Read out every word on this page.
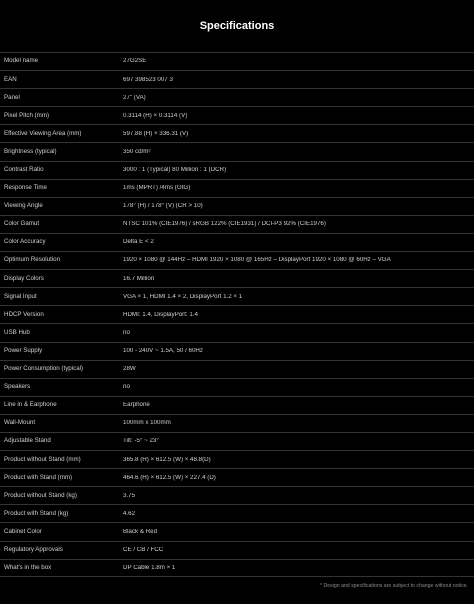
Specifications
Model name	27G2SE
EAN	697 398523 007 3
Panel	27" (VA)
Pixel Pitch (mm)	0.3114 (H) × 0.3114 (V)
Effective Viewing Area (mm)	597.88 (H) × 336.31 (V)
Brightness (typical)	350 cd/m²
Contrast Ratio	3000 : 1 (Typical) 80 Million : 1 (DCR)
Response Time	1ms (MPRT) /4ms (GtG)
Viewing Angle	178° (H) / 178° (V) (CR > 10)
Color Gamut	NTSC 101% (CIE1976) / sRGB 122% (CIE1931) / DCI-P3 92% (CIE1976)
Color Accuracy	Delta E < 2
Optimum Resolution	1920 × 1080 @ 144Hz – HDMI 1920 × 1080 @ 165Hz – DisplayPort 1920 × 1080 @ 60Hz – VGA
Display Colors	16.7 Million
Signal Input	VGA × 1, HDMI 1.4 × 2, DisplayPort 1.2 × 1
HDCP Version	HDMI: 1.4, DisplayPort: 1.4
USB Hub	no
Power Supply	100 - 240V ~ 1.5A, 50 / 60Hz
Power Consumption (typical)	28W
Speakers	no
Line in & Earphone	Earphone
Wall-Mount	100mm x 100mm
Adjustable Stand	Tilt: -5° ~ 23°
Product without Stand (mm)	365.8 (H) × 612.5 (W) × 48.8(D)
Product with Stand (mm)	464.6 (H) × 612.5 (W) × 227.4 (D)
Product without Stand (kg)	3.75
Product with Stand (kg)	4.62
Cabinet Color	Black & Red
Regulatory Approvals	CE / CB / FCC
What's in the box	DP Cable 1.8m × 1
* Design and specifications are subject to change without notice.
